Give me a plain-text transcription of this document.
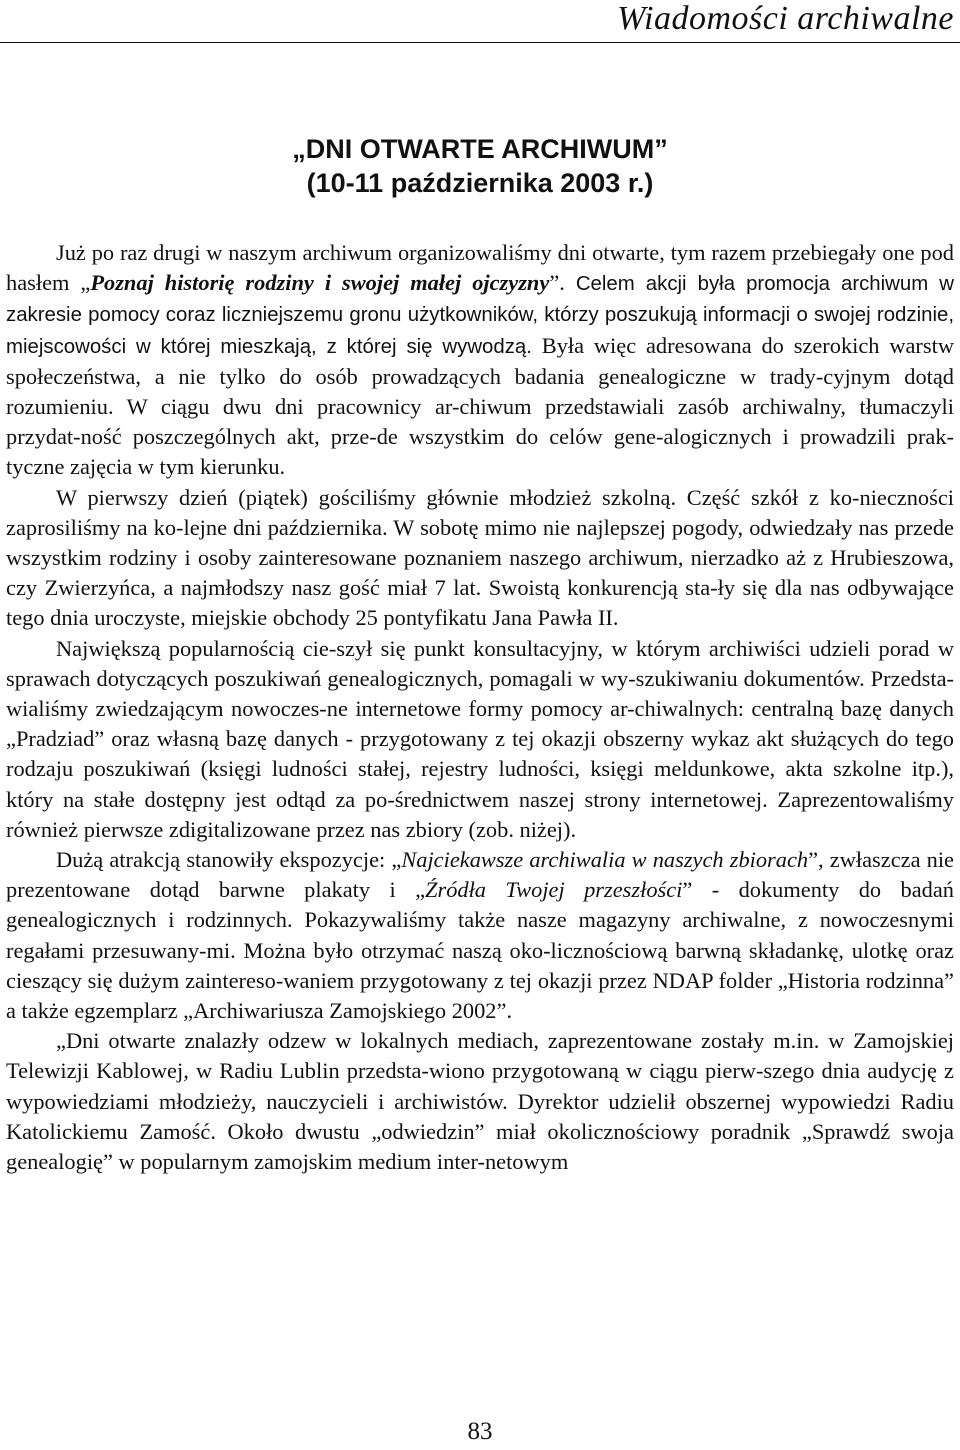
Wiadomości archiwalne
„DNI OTWARTE ARCHIWUM”
(10-11 października 2003 r.)

Już po raz drugi w naszym archiwum organizowaliśmy dni otwarte, tym razem przebiegały one pod hasłem „Poznaj historię rodziny i swojej małej ojczyzny”. Celem akcji była promocja archiwum w zakresie pomocy coraz liczniejszemu gronu użytkowników, którzy poszukują informacji o swojej rodzinie, miejscowości w której mieszkają, z której się wywodzą. Była więc adresowana do szerokich warstw społeczeństwa, a nie tylko do osób prowadzących badania genealogiczne w trady-cyjnym dotąd rozumieniu. W ciągu dwu dni pracownicy ar-chiwum przedstawiali zasób archiwalny, tłumaczyli przydat-ność poszczególnych akt, prze-de wszystkim do celów gene-alogicznych i prowadzili prak-tyczne zajęcia w tym kierunku.

W pierwszy dzień (piątek) gościliśmy głównie młodzież szkolną. Część szkół z ko-nieczności zaprosiliśmy na ko-lejne dni października. W sobotę mimo nie najlepszej pogody, odwiedzały nas przede wszystkim rodziny i osoby zainteresowane poznaniem naszego archiwum, nierzadko aż z Hrubieszowa, czy Zwierzyńca, a najmłodszy nasz gość miał 7 lat. Swoistą konkurencją sta-ły się dla nas odbywające tego dnia uroczyste, miejskie obchody 25 pontyfikatu Jana Pawła II.

Największą popularnością cie-szył się punkt konsultacyjny, w którym archiwiści udzieli porad w sprawach dotyczących poszukiwań genealogicznych, pomagali w wy-szukiwaniu dokumentów. Przedsta-wialiśmy zwiedzającym nowoczes-ne internetowe formy pomocy ar-chiwalnych: centralną bazę danych „Pradziad” oraz własną bazę danych - przygotowany z tej okazji obszerny wykaz akt służących do tego rodzaju poszukiwań (księgi ludności stałej, rejestry ludności, księgi meldunkowe, akta szkolne itp.), który na stałe dostępny jest odtąd za po-średnictwem naszej strony internetowej. Zaprezentowaliśmy również pierwsze zdigitalizowane przez nas zbiory (zob. niżej).

Dużą atrakcją stanowiły ekspozycje: „Najciekawsze archiwalia w naszych zbiorach”, zwłaszcza nie prezentowane dotąd barwne plakaty i „Źródła Twojej przeszłości” - dokumenty do badań genealogicznych i rodzinnych. Pokazywaliśmy także nasze magazyny archiwalne, z nowoczesnymi regałami przesuwany-mi. Można było otrzymać naszą oko-licznościową barwną składankę, ulotkę oraz cieszący się dużym zaintereso-waniem przygotowany z tej okazji przez NDAP folder „Historia rodzinna” a także egzemplarz „Archiwariusza Zamojskiego 2002”.

„Dni otwarte znalazły odzew w lokalnych mediach, zaprezentowane zostały m.in. w Zamojskiej Telewizji Kablowej, w Radiu Lublin przedsta-wiono przygotowaną w ciągu pierw-szego dnia audycję z wypowiedziami młodzieży, nauczycieli i archiwistów. Dyrektor udzielił obszernej wypowiedzi Radiu Katolickiemu Zamość. Około dwustu „odwiedzin” miał okolicznościowy poradnik „Sprawdź swoja genealogię” w popularnym zamojskim medium inter-netowym

83
